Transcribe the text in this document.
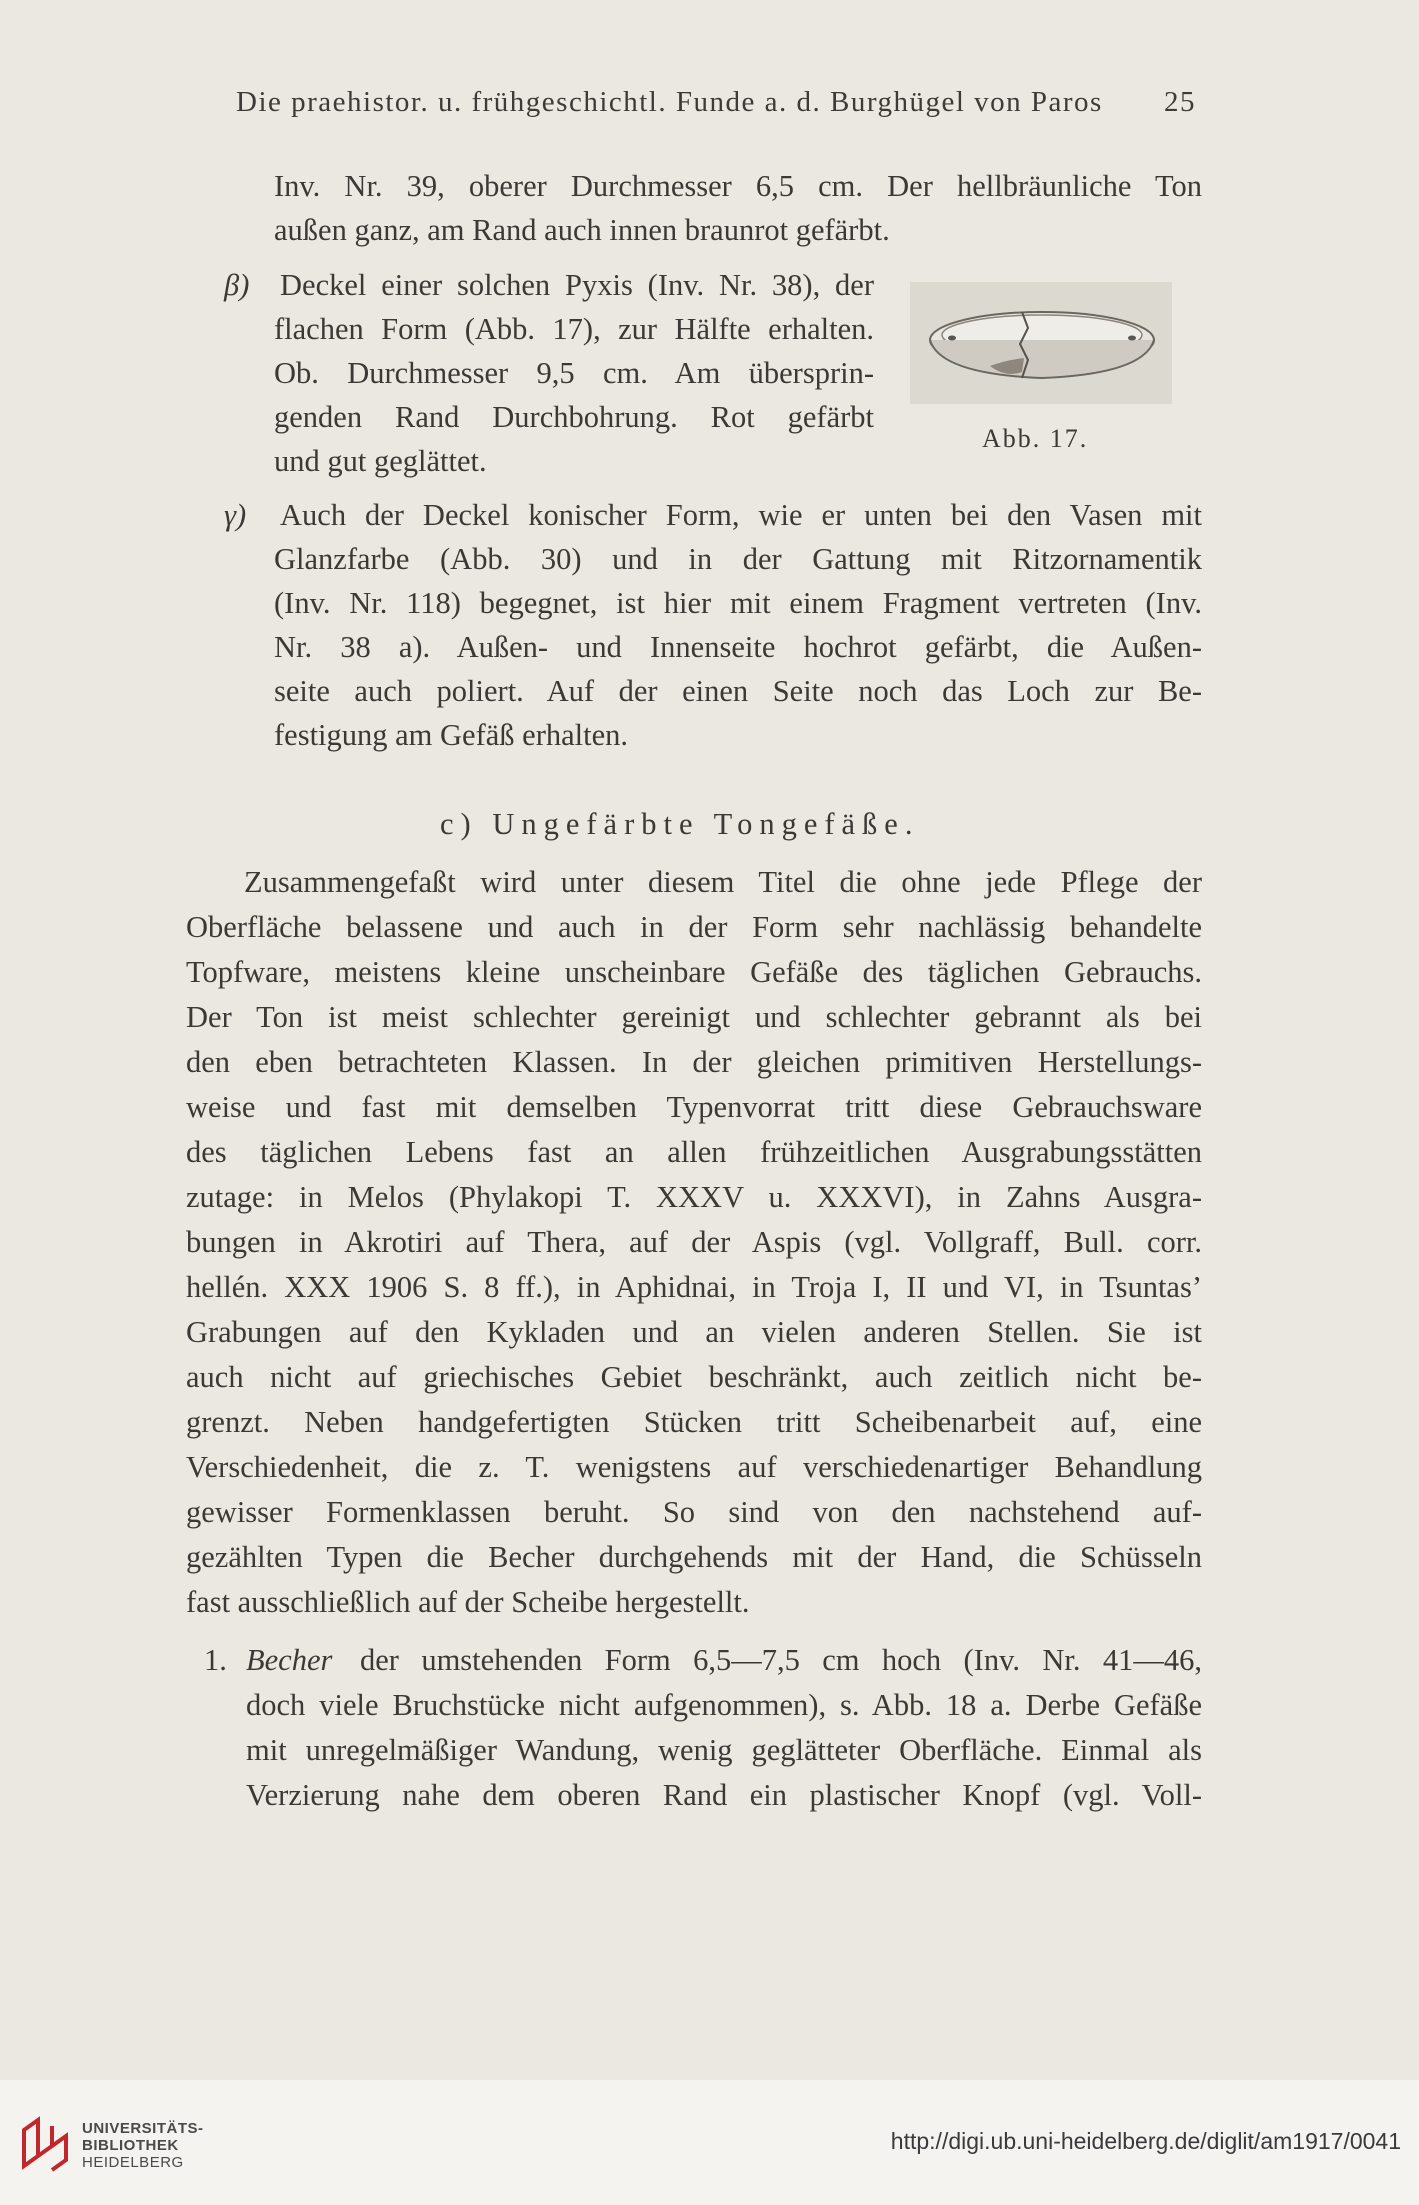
Die praehistor. u. frühgeschichtl. Funde a. d. Burghügel von Paros 25
Inv. Nr. 39, oberer Durchmesser 6,5 cm. Der hellbräunliche Ton
außen ganz, am Rand auch innen braunrot gefärbt.
β) Deckel einer solchen Pyxis (Inv. Nr. 38), der
flachen Form (Abb. 17), zur Hälfte erhalten.
Ob. Durchmesser 9,5 cm. Am übersprin-
genden Rand Durchbohrung. Rot gefärbt
und gut geglättet.
Abb. 17.
γ) Auch der Deckel konischer Form, wie er unten bei den Vasen mit
Glanzfarbe (Abb. 30) und in der Gattung mit Ritzornamentik
(Inv. Nr. 118) begegnet, ist hier mit einem Fragment vertreten (Inv.
Nr. 38 a). Außen- und Innenseite hochrot gefärbt, die Außen-
seite auch poliert. Auf der einen Seite noch das Loch zur Be-
festigung am Gefäß erhalten.
c) Ungefärbte Tongefäße.
Zusammengefaßt wird unter diesem Titel die ohne jede Pflege der
Oberfläche belassene und auch in der Form sehr nachlässig behandelte
Topfware, meistens kleine unscheinbare Gefäße des täglichen Gebrauchs.
Der Ton ist meist schlechter gereinigt und schlechter gebrannt als bei
den eben betrachteten Klassen. In der gleichen primitiven Herstellungs-
weise und fast mit demselben Typenvorrat tritt diese Gebrauchsware
des täglichen Lebens fast an allen frühzeitlichen Ausgrabungsstätten
zutage: in Melos (Phylakopi T. XXXV u. XXXVI), in Zahns Ausgra-
bungen in Akrotiri auf Thera, auf der Aspis (vgl. Vollgraff, Bull. corr.
hellén. XXX 1906 S. 8 ff.), in Aphidnai, in Troja I, II und VI, in Tsuntas’
Grabungen auf den Kykladen und an vielen anderen Stellen. Sie ist
auch nicht auf griechisches Gebiet beschränkt, auch zeitlich nicht be-
grenzt. Neben handgefertigten Stücken tritt Scheibenarbeit auf, eine
Verschiedenheit, die z. T. wenigstens auf verschiedenartiger Behandlung
gewisser Formenklassen beruht. So sind von den nachstehend auf-
gezählten Typen die Becher durchgehends mit der Hand, die Schüsseln
fast ausschließlich auf der Scheibe hergestellt.
1. Becher der umstehenden Form 6,5—7,5 cm hoch (Inv. Nr. 41—46,
doch viele Bruchstücke nicht aufgenommen), s. Abb. 18 a. Derbe Gefäße
mit unregelmäßiger Wandung, wenig geglätteter Oberfläche. Einmal als
Verzierung nahe dem oberen Rand ein plastischer Knopf (vgl. Voll-
UNIVERSITÄTS-
BIBLIOTHEK
HEIDELBERG
http://digi.ub.uni-heidelberg.de/diglit/am1917/0041
